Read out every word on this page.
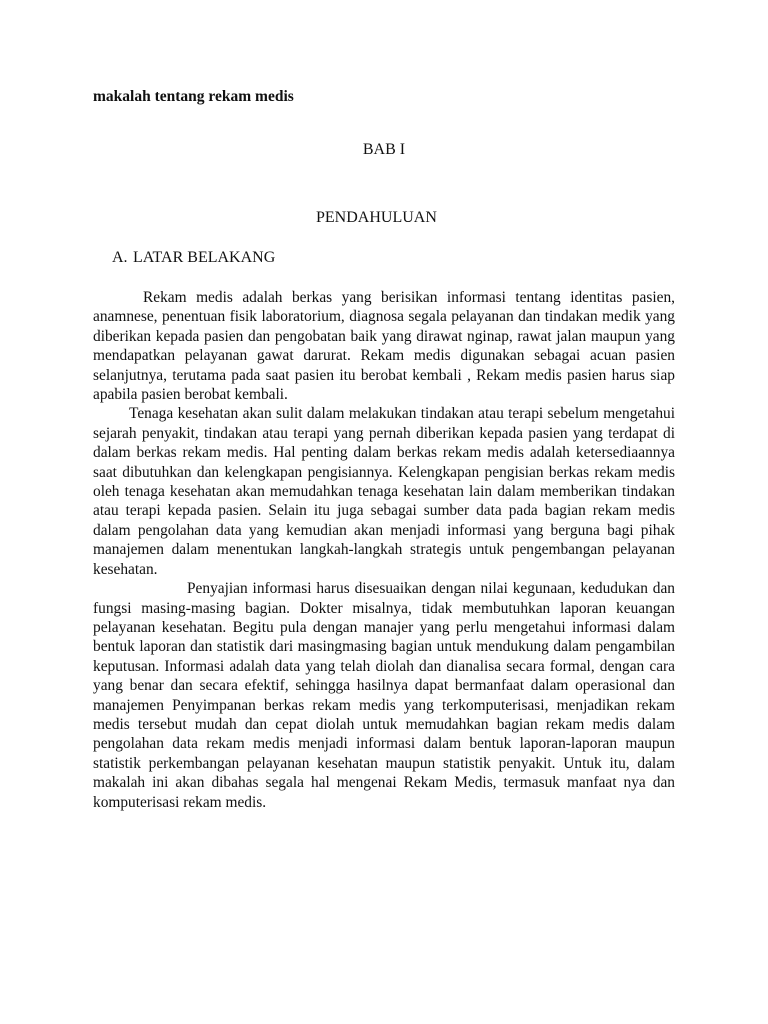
makalah tentang rekam medis
BAB I
PENDAHULUAN
A. LATAR BELAKANG

Rekam medis adalah berkas yang berisikan informasi tentang identitas pasien, anamnese, penentuan fisik laboratorium, diagnosa segala pelayanan dan tindakan medik yang diberikan kepada pasien dan pengobatan baik yang dirawat nginap, rawat jalan maupun yang mendapatkan pelayanan gawat darurat. Rekam medis digunakan sebagai acuan pasien selanjutnya, terutama pada saat pasien itu berobat kembali , Rekam medis pasien harus siap apabila pasien berobat kembali.

Tenaga kesehatan akan sulit dalam melakukan tindakan atau terapi sebelum mengetahui sejarah penyakit, tindakan atau terapi yang pernah diberikan kepada pasien yang terdapat di dalam berkas rekam medis. Hal penting dalam berkas rekam medis adalah ketersediaannya saat dibutuhkan dan kelengkapan pengisiannya. Kelengkapan pengisian berkas rekam medis oleh tenaga kesehatan akan memudahkan tenaga kesehatan lain dalam memberikan tindakan atau terapi kepada pasien. Selain itu juga sebagai sumber data pada bagian rekam medis dalam pengolahan data yang kemudian akan menjadi informasi yang berguna bagi pihak manajemen dalam menentukan langkah-langkah strategis untuk pengembangan pelayanan kesehatan.

Penyajian informasi harus disesuaikan dengan nilai kegunaan, kedudukan dan fungsi masing-masing bagian. Dokter misalnya, tidak membutuhkan laporan keuangan pelayanan kesehatan. Begitu pula dengan manajer yang perlu mengetahui informasi dalam bentuk laporan dan statistik dari masingmasing bagian untuk mendukung dalam pengambilan keputusan. Informasi adalah data yang telah diolah dan dianalisa secara formal, dengan cara yang benar dan secara efektif, sehingga hasilnya dapat bermanfaat dalam operasional dan manajemen Penyimpanan berkas rekam medis yang terkomputerisasi, menjadikan rekam medis tersebut mudah dan cepat diolah untuk memudahkan bagian rekam medis dalam pengolahan data rekam medis menjadi informasi dalam bentuk laporan-laporan maupun statistik perkembangan pelayanan kesehatan maupun statistik penyakit. Untuk itu, dalam makalah ini akan dibahas segala hal mengenai Rekam Medis, termasuk manfaat nya dan komputerisasi rekam medis.
